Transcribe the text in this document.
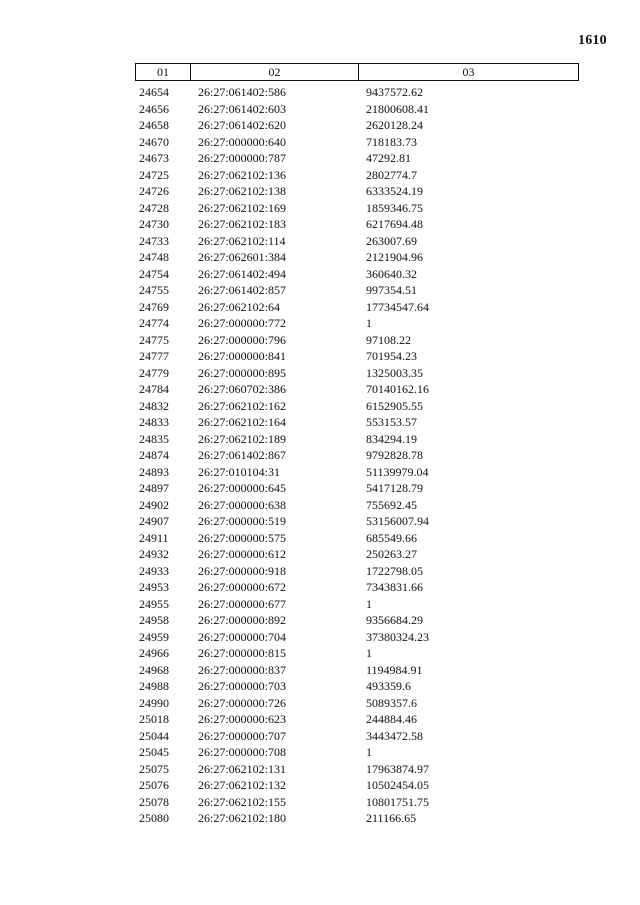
1610
01	02	03
24654 26:27:061402:586	9437572.62
24656 26:27:061402:603	21800608.41
24658 26:27:061402:620	2620128.24
24670 26:27:000000:640	718183.73
24673 26:27:000000:787	47292.81
24725 26:27:062102:136	2802774.7
24726 26:27:062102:138	6333524.19
24728 26:27:062102:169	1859346.75
24730 26:27:062102:183	6217694.48
24733 26:27:062102:114	263007.69
24748 26:27:062601:384	2121904.96
24754 26:27:061402:494	360640.32
24755 26:27:061402:857	997354.51
24769 26:27:062102:64	17734547.64
24774 26:27:000000:772	1
24775 26:27:000000:796	97108.22
24777 26:27:000000:841	701954.23
24779 26:27:000000:895	1325003.35
24784 26:27:060702:386	70140162.16
24832 26:27:062102:162	6152905.55
24833 26:27:062102:164	553153.57
24835 26:27:062102:189	834294.19
24874 26:27:061402:867	9792828.78
24893 26:27:010104:31	51139979.04
24897 26:27:000000:645	5417128.79
24902 26:27:000000:638	755692.45
24907 26:27:000000:519	53156007.94
24911 26:27:000000:575	685549.66
24932 26:27:000000:612	250263.27
24933 26:27:000000:918	1722798.05
24953 26:27:000000:672	7343831.66
24955 26:27:000000:677	1
24958 26:27:000000:892	9356684.29
24959 26:27:000000:704	37380324.23
24966 26:27:000000:815	1
24968 26:27:000000:837	1194984.91
24988 26:27:000000:703	493359.6
24990 26:27:000000:726	5089357.6
25018 26:27:000000:623	244884.46
25044 26:27:000000:707	3443472.58
25045 26:27:000000:708	1
25075 26:27:062102:131	17963874.97
25076 26:27:062102:132	10502454.05
25078 26:27:062102:155	10801751.75
25080 26:27:062102:180	211166.65
